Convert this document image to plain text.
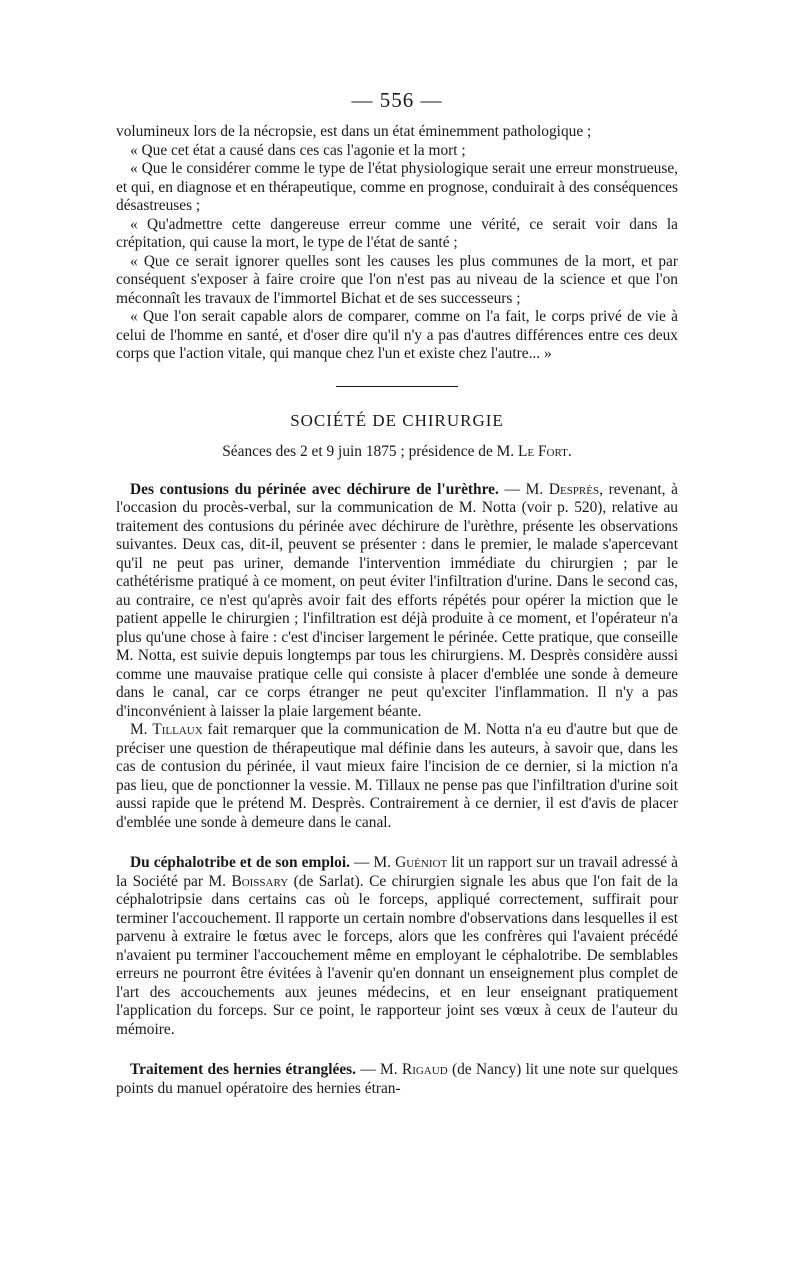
— 556 —

volumineux lors de la nécropsie, est dans un état éminemment pathologique ;

« Que cet état a causé dans ces cas l'agonie et la mort ;

« Que le considérer comme le type de l'état physiologique serait une erreur monstrueuse, et qui, en diagnose et en thérapeutique, comme en prognose, conduirait à des conséquences désastreuses ;

« Qu'admettre cette dangereuse erreur comme une vérité, ce serait voir dans la crépitation, qui cause la mort, le type de l'état de santé ;

« Que ce serait ignorer quelles sont les causes les plus communes de la mort, et par conséquent s'exposer à faire croire que l'on n'est pas au niveau de la science et que l'on méconnaît les travaux de l'immortel Bichat et de ses successeurs ;

« Que l'on serait capable alors de comparer, comme on l'a fait, le corps privé de vie à celui de l'homme en santé, et d'oser dire qu'il n'y a pas d'autres différences entre ces deux corps que l'action vitale, qui manque chez l'un et existe chez l'autre... »

SOCIÉTÉ DE CHIRURGIE
Séances des 2 et 9 juin 1875 ; présidence de M. Le Fort.

Des contusions du périnée avec déchirure de l'urèthre. — M. Desprès, revenant, à l'occasion du procès-verbal, sur la communication de M. Notta (voir p. 520), relative au traitement des contusions du périnée avec déchirure de l'urèthre, présente les observations suivantes. Deux cas, dit-il, peuvent se présenter : dans le premier, le malade s'apercevant qu'il ne peut pas uriner, demande l'intervention immédiate du chirurgien ; par le cathétérisme pratiqué à ce moment, on peut éviter l'infiltration d'urine. Dans le second cas, au contraire, ce n'est qu'après avoir fait des efforts répétés pour opérer la miction que le patient appelle le chirurgien ; l'infiltration est déjà produite à ce moment, et l'opérateur n'a plus qu'une chose à faire : c'est d'inciser largement le périnée. Cette pratique, que conseille M. Notta, est suivie depuis longtemps par tous les chirurgiens. M. Desprès considère aussi comme une mauvaise pratique celle qui consiste à placer d'emblée une sonde à demeure dans le canal, car ce corps étranger ne peut qu'exciter l'inflammation. Il n'y a pas d'inconvénient à laisser la plaie largement béante.

M. Tillaux fait remarquer que la communication de M. Notta n'a eu d'autre but que de préciser une question de thérapeutique mal définie dans les auteurs, à savoir que, dans les cas de contusion du périnée, il vaut mieux faire l'incision de ce dernier, si la miction n'a pas lieu, que de ponctionner la vessie. M. Tillaux ne pense pas que l'infiltration d'urine soit aussi rapide que le prétend M. Desprès. Contrairement à ce dernier, il est d'avis de placer d'emblée une sonde à demeure dans le canal.

Du céphalotribe et de son emploi. — M. Guéniot lit un rapport sur un travail adressé à la Société par M. Boissary (de Sarlat). Ce chirurgien signale les abus que l'on fait de la céphalotripsie dans certains cas où le forceps, appliqué correctement, suffirait pour terminer l'accouchement. Il rapporte un certain nombre d'observations dans lesquelles il est parvenu à extraire le fœtus avec le forceps, alors que les confrères qui l'avaient précédé n'avaient pu terminer l'accouchement même en employant le céphalotribe. De semblables erreurs ne pourront être évitées à l'avenir qu'en donnant un enseignement plus complet de l'art des accouchements aux jeunes médecins, et en leur enseignant pratiquement l'application du forceps. Sur ce point, le rapporteur joint ses vœux à ceux de l'auteur du mémoire.

Traitement des hernies étranglées. — M. Rigaud (de Nancy) lit une note sur quelques points du manuel opératoire des hernies étran-
